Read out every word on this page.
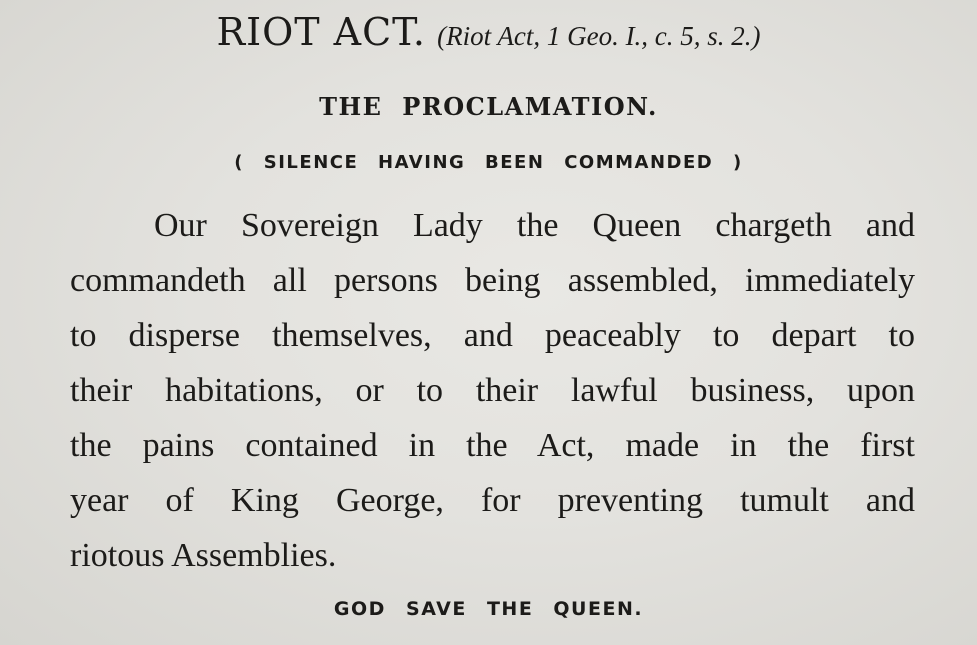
RIOT ACT. (Riot Act, 1 Geo. I., c. 5, s. 2.)
THE PROCLAMATION.
( SILENCE HAVING BEEN COMMANDED )
Our Sovereign Lady the Queen chargeth and
commandeth all persons being assembled, immediately
to disperse themselves, and peaceably to depart to
their habitations, or to their lawful business, upon
the pains contained in the Act, made in the first
year of King George, for preventing tumult and
riotous Assemblies.
GOD SAVE THE QUEEN.
